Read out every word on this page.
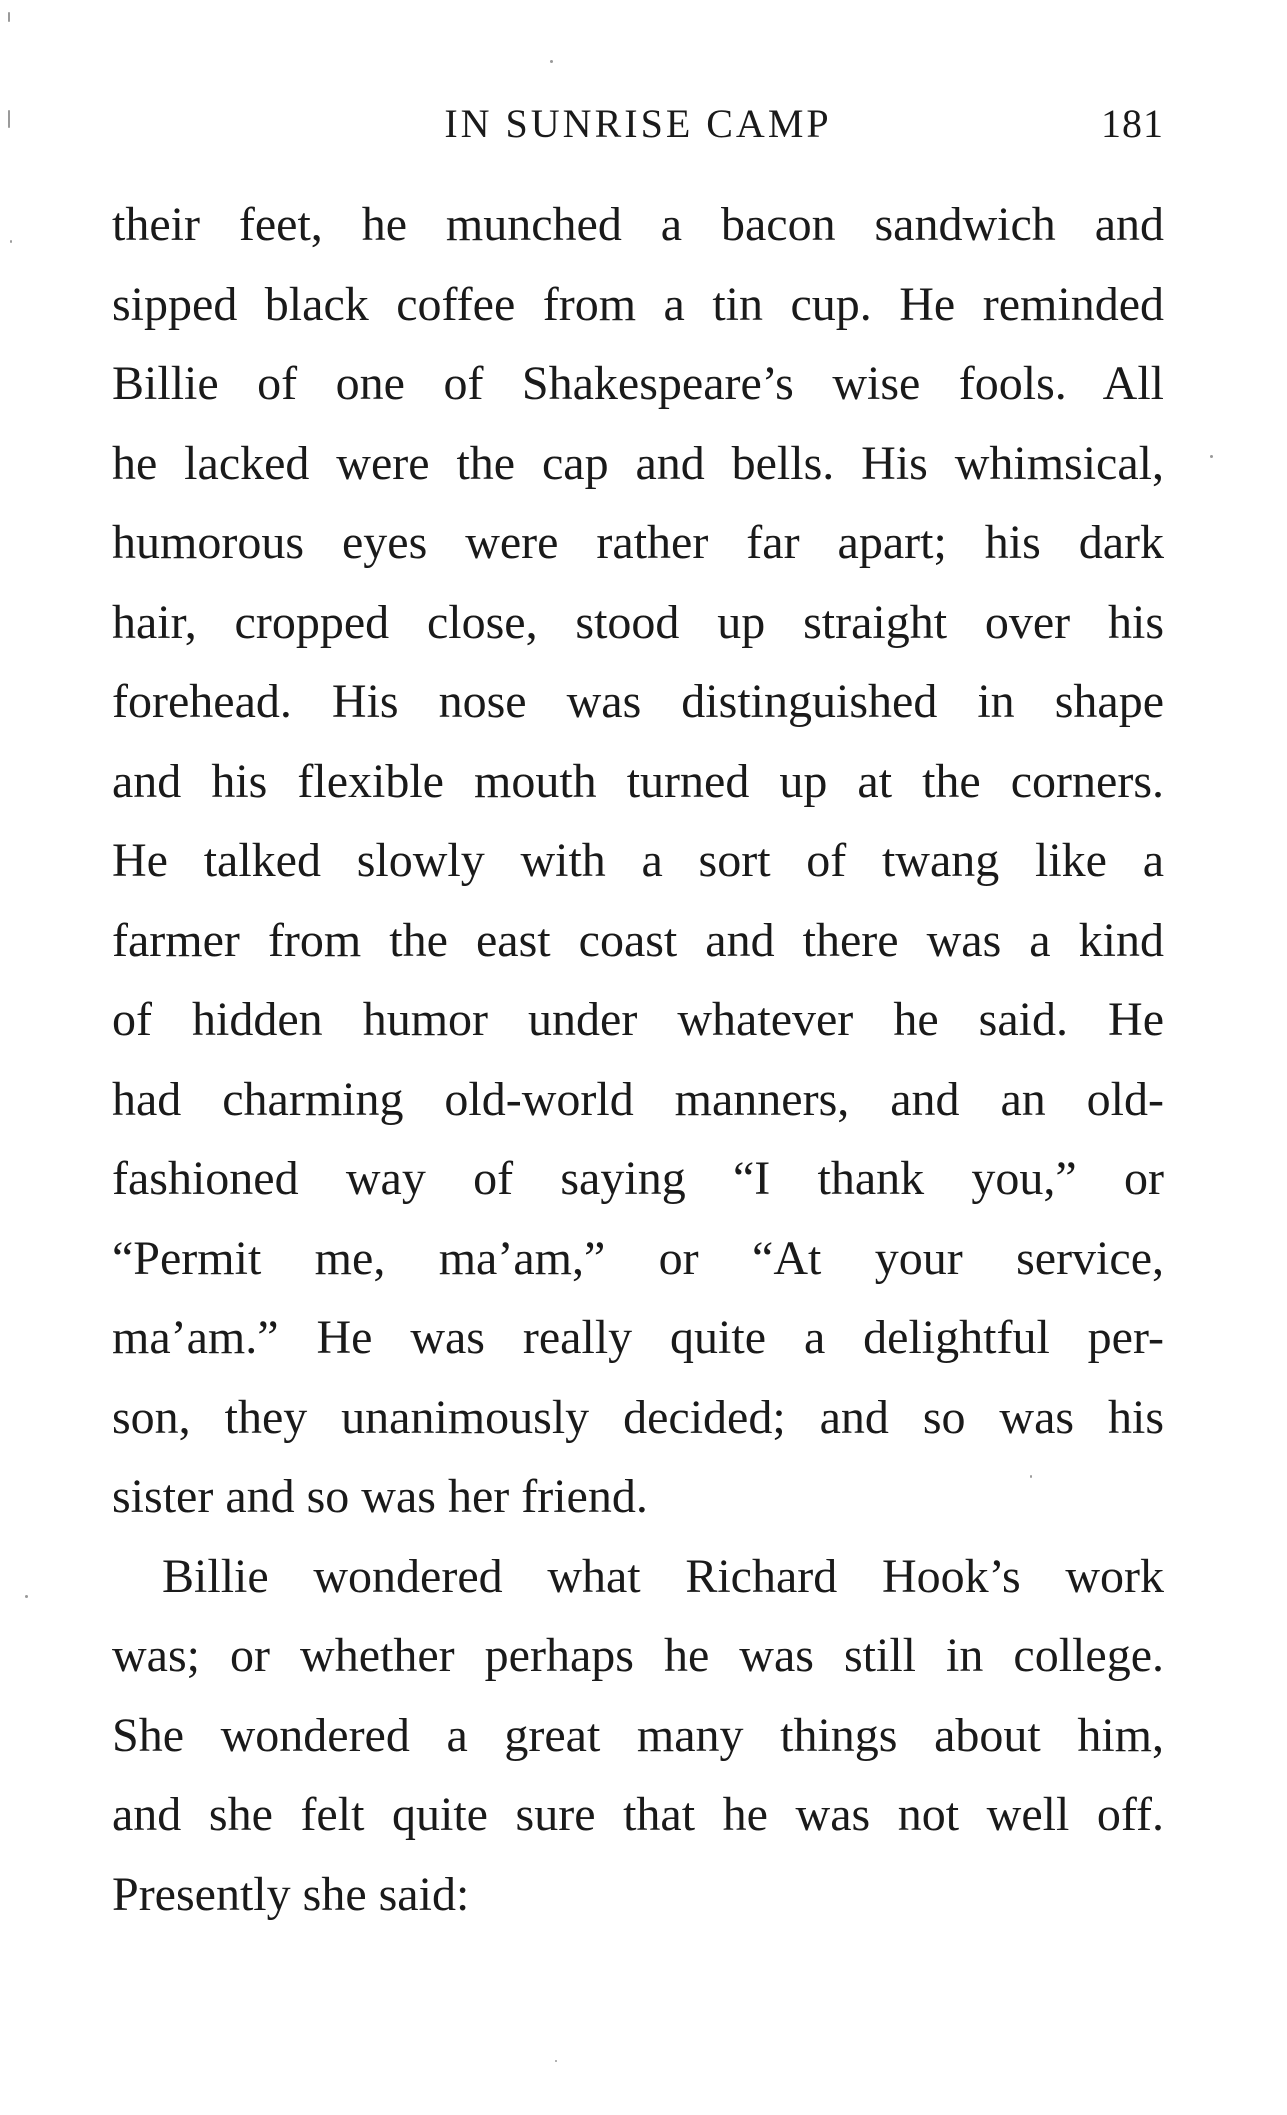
IN SUNRISE CAMP	181
their feet, he munched a bacon sandwich and
sipped black coffee from a tin cup. He reminded
Billie of one of Shakespeare’s wise fools. All
he lacked were the cap and bells. His whimsical,
humorous eyes were rather far apart; his dark
hair, cropped close, stood up straight over his
forehead. His nose was distinguished in shape
and his flexible mouth turned up at the corners.
He talked slowly with a sort of twang like a
farmer from the east coast and there was a kind
of hidden humor under whatever he said. He
had charming old-world manners, and an old-
fashioned way of saying “I thank you,” or
“Permit me, ma’am,” or “At your service,
ma’am.” He was really quite a delightful per-
son, they unanimously decided; and so was his
sister and so was her friend.
Billie wondered what Richard Hook’s work
was; or whether perhaps he was still in college.
She wondered a great many things about him,
and she felt quite sure that he was not well off.
Presently she said:
